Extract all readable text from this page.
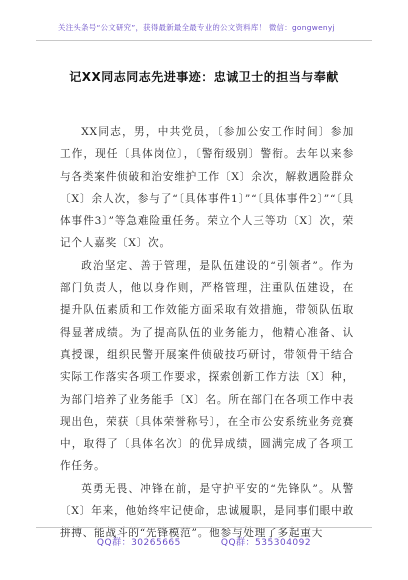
关注头条号“公文研究”，获得最新最全最专业的公文资料库！ 微信：gongwenyj
记XX同志同志先进事迹：忠诚卫士的担当与奉献

XX同志，男，中共党员，〔参加公安工作时间〕参加工作，现任〔具体岗位〕，〔警衔级别〕警衔。去年以来参与各类案件侦破和治安维护工作〔X〕余次，解救遇险群众〔X〕余人次，参与了“〔具体事件1〕”“〔具体事件2〕”“〔具体事件3〕”等急难险重任务。荣立个人三等功〔X〕次，荣记个人嘉奖〔X〕次。

政治坚定、善于管理，是队伍建设的“引领者”。作为部门负责人，他以身作则，严格管理，注重队伍建设，在提升队伍素质和工作效能方面采取有效措施，带领队伍取得显著成绩。为了提高队伍的业务能力，他精心准备、认真授课，组织民警开展案件侦破技巧研讨，带领骨干结合实际工作落实各项工作要求，探索创新工作方法〔X〕种，为部门培养了业务能手〔X〕名。所在部门在各项工作中表现出色，荣获〔具体荣誉称号〕，在全市公安系统业务竞赛中，取得了〔具体名次〕的优异成绩，圆满完成了各项工作任务。

英勇无畏、冲锋在前，是守护平安的“先锋队”。从警〔X〕年来，他始终牢记使命，忠诚履职，是同事们眼中敢拼搏、能战斗的“先锋模范”。他参与处理了多起重大

QQ群：30265665	QQ群：535304092
